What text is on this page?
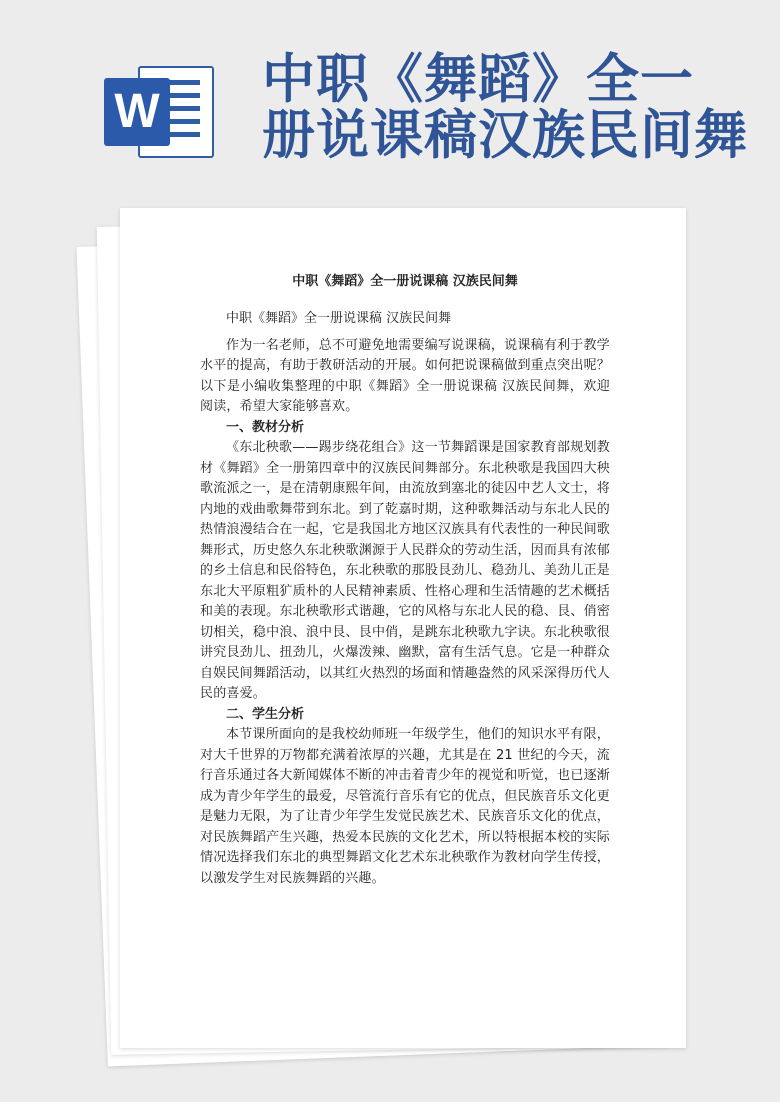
W
中职《舞蹈》全一
册说课稿汉族民间舞

中职《舞蹈》全一册说课稿 汉族民间舞

中职《舞蹈》全一册说课稿 汉族民间舞

作为一名老师，总不可避免地需要编写说课稿，说课稿有利于教学水平的提高，有助于教研活动的开展。如何把说课稿做到重点突出呢？以下是小编收集整理的中职《舞蹈》全一册说课稿 汉族民间舞，欢迎阅读，希望大家能够喜欢。

一、教材分析

《东北秧歌——踢步绕花组合》这一节舞蹈课是国家教育部规划教材《舞蹈》全一册第四章中的汉族民间舞部分。东北秧歌是我国四大秧歌流派之一，是在清朝康熙年间，由流放到塞北的徒囚中艺人文士，将内地的戏曲歌舞带到东北。到了乾嘉时期，这种歌舞活动与东北人民的热情浪漫结合在一起，它是我国北方地区汉族具有代表性的一种民间歌舞形式，历史悠久东北秧歌渊源于人民群众的劳动生活，因而具有浓郁的乡土信息和民俗特色，东北秧歌的那股艮劲儿、稳劲儿、美劲儿正是东北大平原粗犷质朴的人民精神素质、性格心理和生活情趣的艺术概括和美的表现。东北秧歌形式谐趣，它的风格与东北人民的稳、艮、俏密切相关，稳中浪、浪中艮、艮中俏，是跳东北秧歌九字诀。东北秧歌很讲究艮劲儿、扭劲儿，火爆泼辣、幽默，富有生活气息。它是一种群众自娱民间舞蹈活动，以其红火热烈的场面和情趣盎然的风采深得历代人民的喜爱。

二、学生分析

本节课所面向的是我校幼师班一年级学生，他们的知识水平有限，对大千世界的万物都充满着浓厚的兴趣，尤其是在 21 世纪的今天，流行音乐通过各大新闻媒体不断的冲击着青少年的视觉和听觉，也已逐渐成为青少年学生的最爱，尽管流行音乐有它的优点，但民族音乐文化更是魅力无限，为了让青少年学生发觉民族艺术、民族音乐文化的优点，对民族舞蹈产生兴趣，热爱本民族的文化艺术，所以特根据本校的实际情况选择我们东北的典型舞蹈文化艺术东北秧歌作为教材向学生传授，以激发学生对民族舞蹈的兴趣。
